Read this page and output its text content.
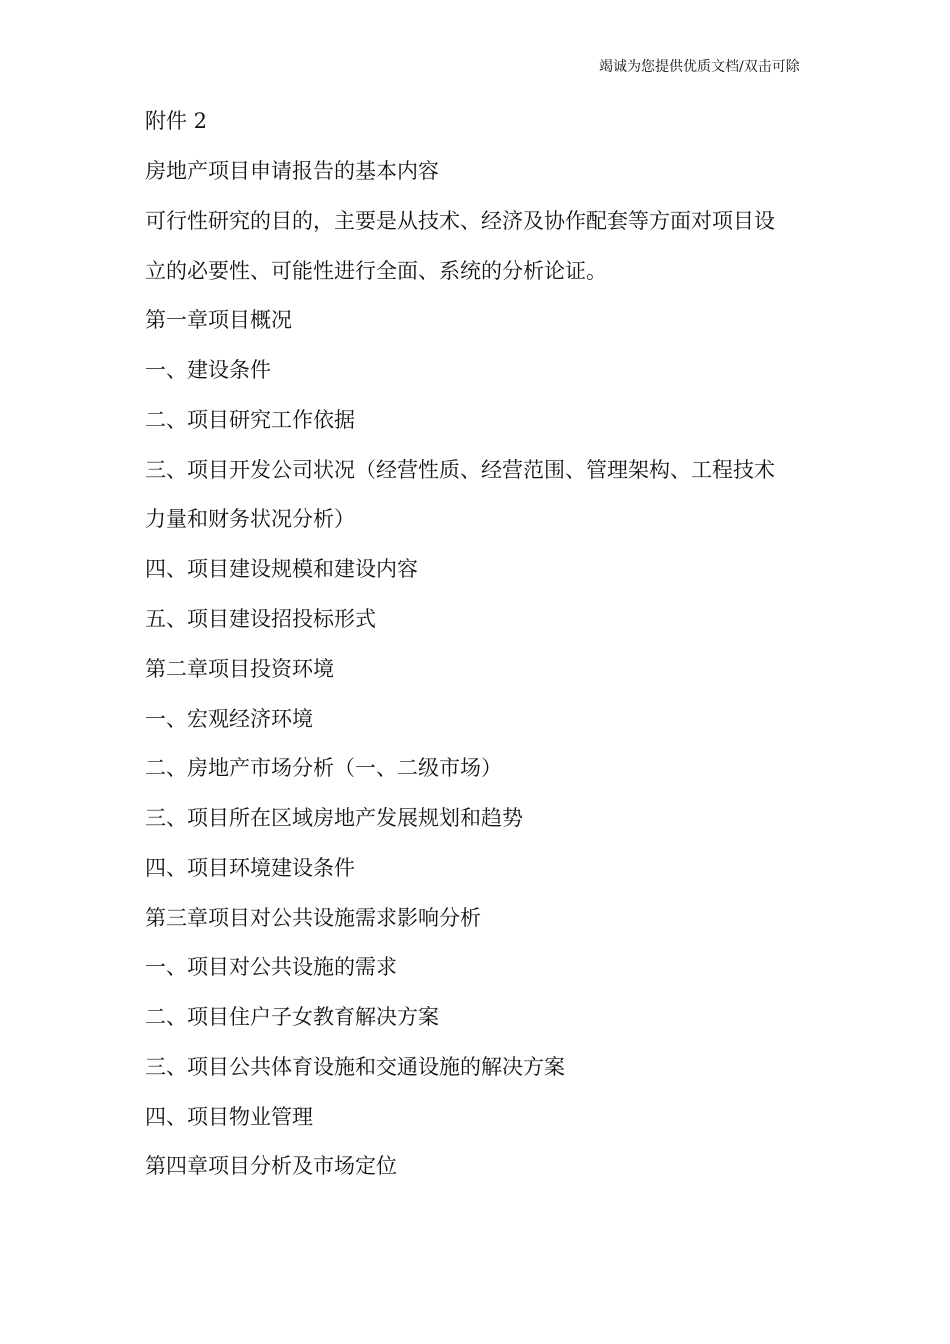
竭诚为您提供优质文档/双击可除
附件 2
房地产项目申请报告的基本内容
可行性研究的目的，主要是从技术、经济及协作配套等方面对项目设
立的必要性、可能性进行全面、系统的分析论证。
第一章项目概况
一、建设条件
二、项目研究工作依据
三、项目开发公司状况（经营性质、经营范围、管理架构、工程技术
力量和财务状况分析）
四、项目建设规模和建设内容
五、项目建设招投标形式
第二章项目投资环境
一、宏观经济环境
二、房地产市场分析（一、二级市场）
三、项目所在区域房地产发展规划和趋势
四、项目环境建设条件
第三章项目对公共设施需求影响分析
一、项目对公共设施的需求
二、项目住户子女教育解决方案
三、项目公共体育设施和交通设施的解决方案
四、项目物业管理
第四章项目分析及市场定位
